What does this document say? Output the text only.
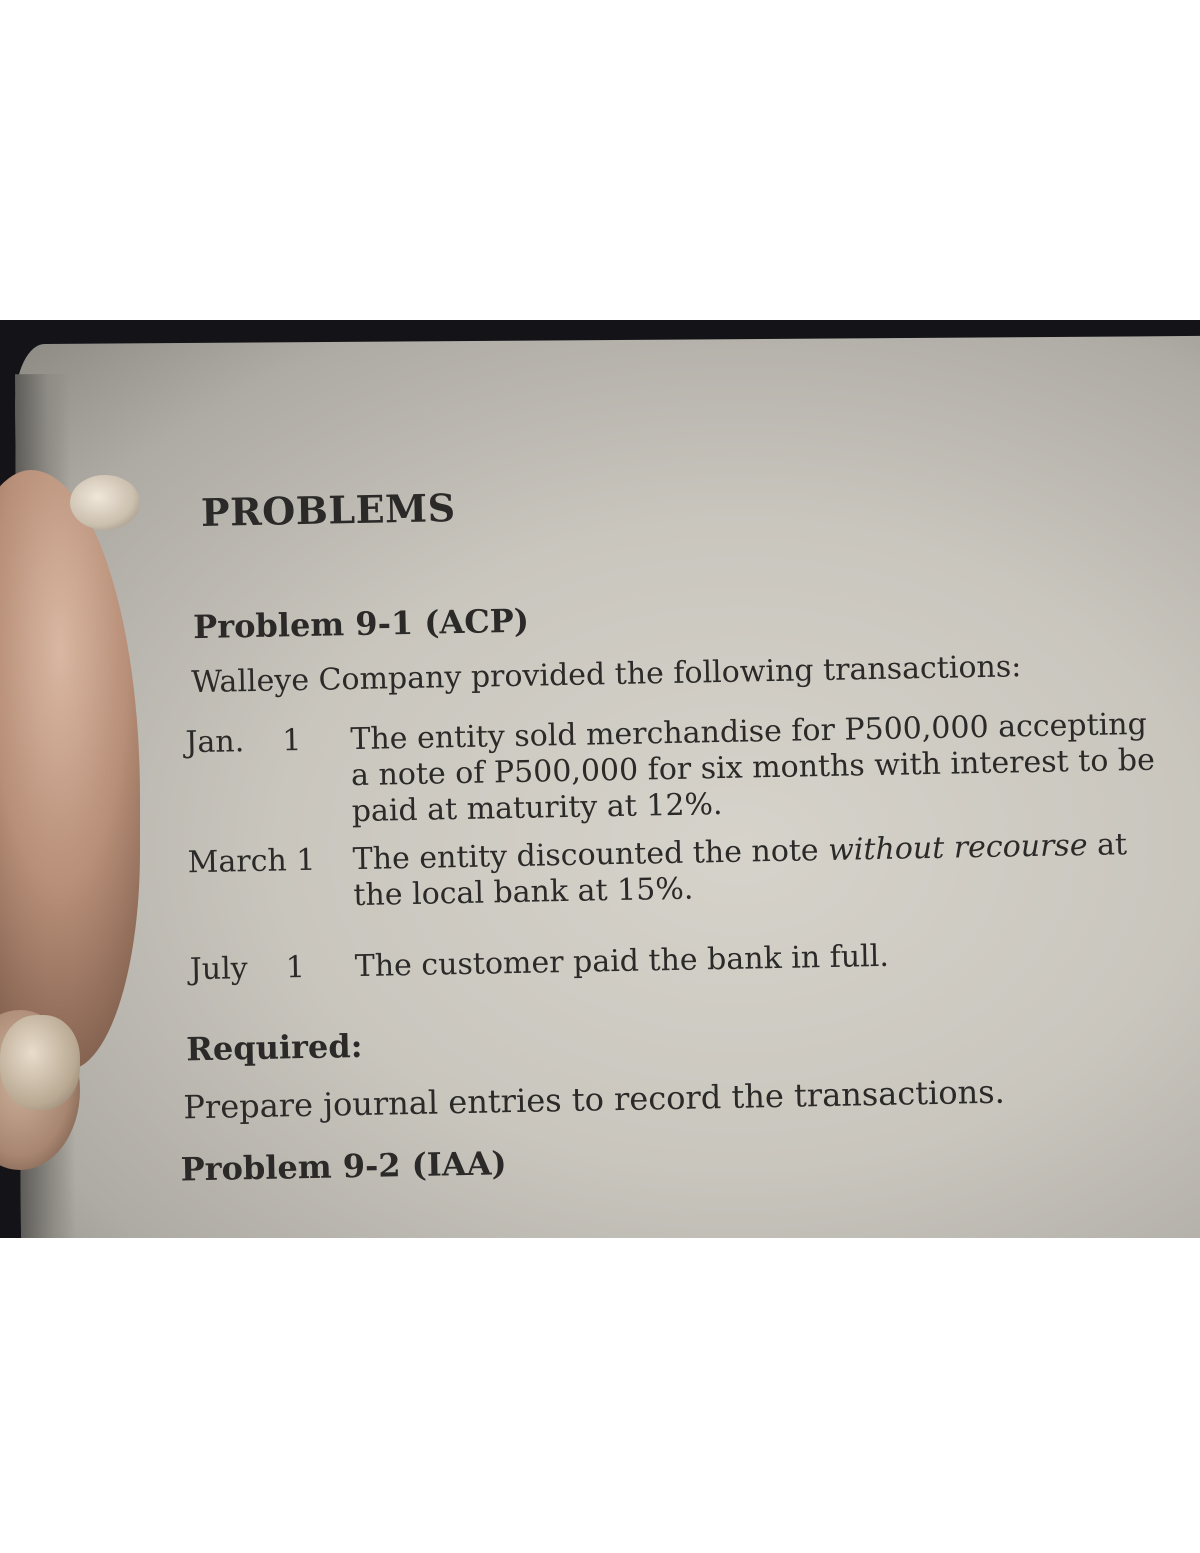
PROBLEMS
Problem 9-1 (ACP)
Walleye Company provided the following transactions:
Jan.    1	The entity sold merchandise for P500,000 accepting
a note of P500,000 for six months with interest to be
paid at maturity at 12%.
March 1	The entity discounted the note without recourse at
the local bank at 15%.
July    1	The customer paid the bank in full.
Required:
Prepare journal entries to record the transactions.
Problem 9-2 (IAA)
